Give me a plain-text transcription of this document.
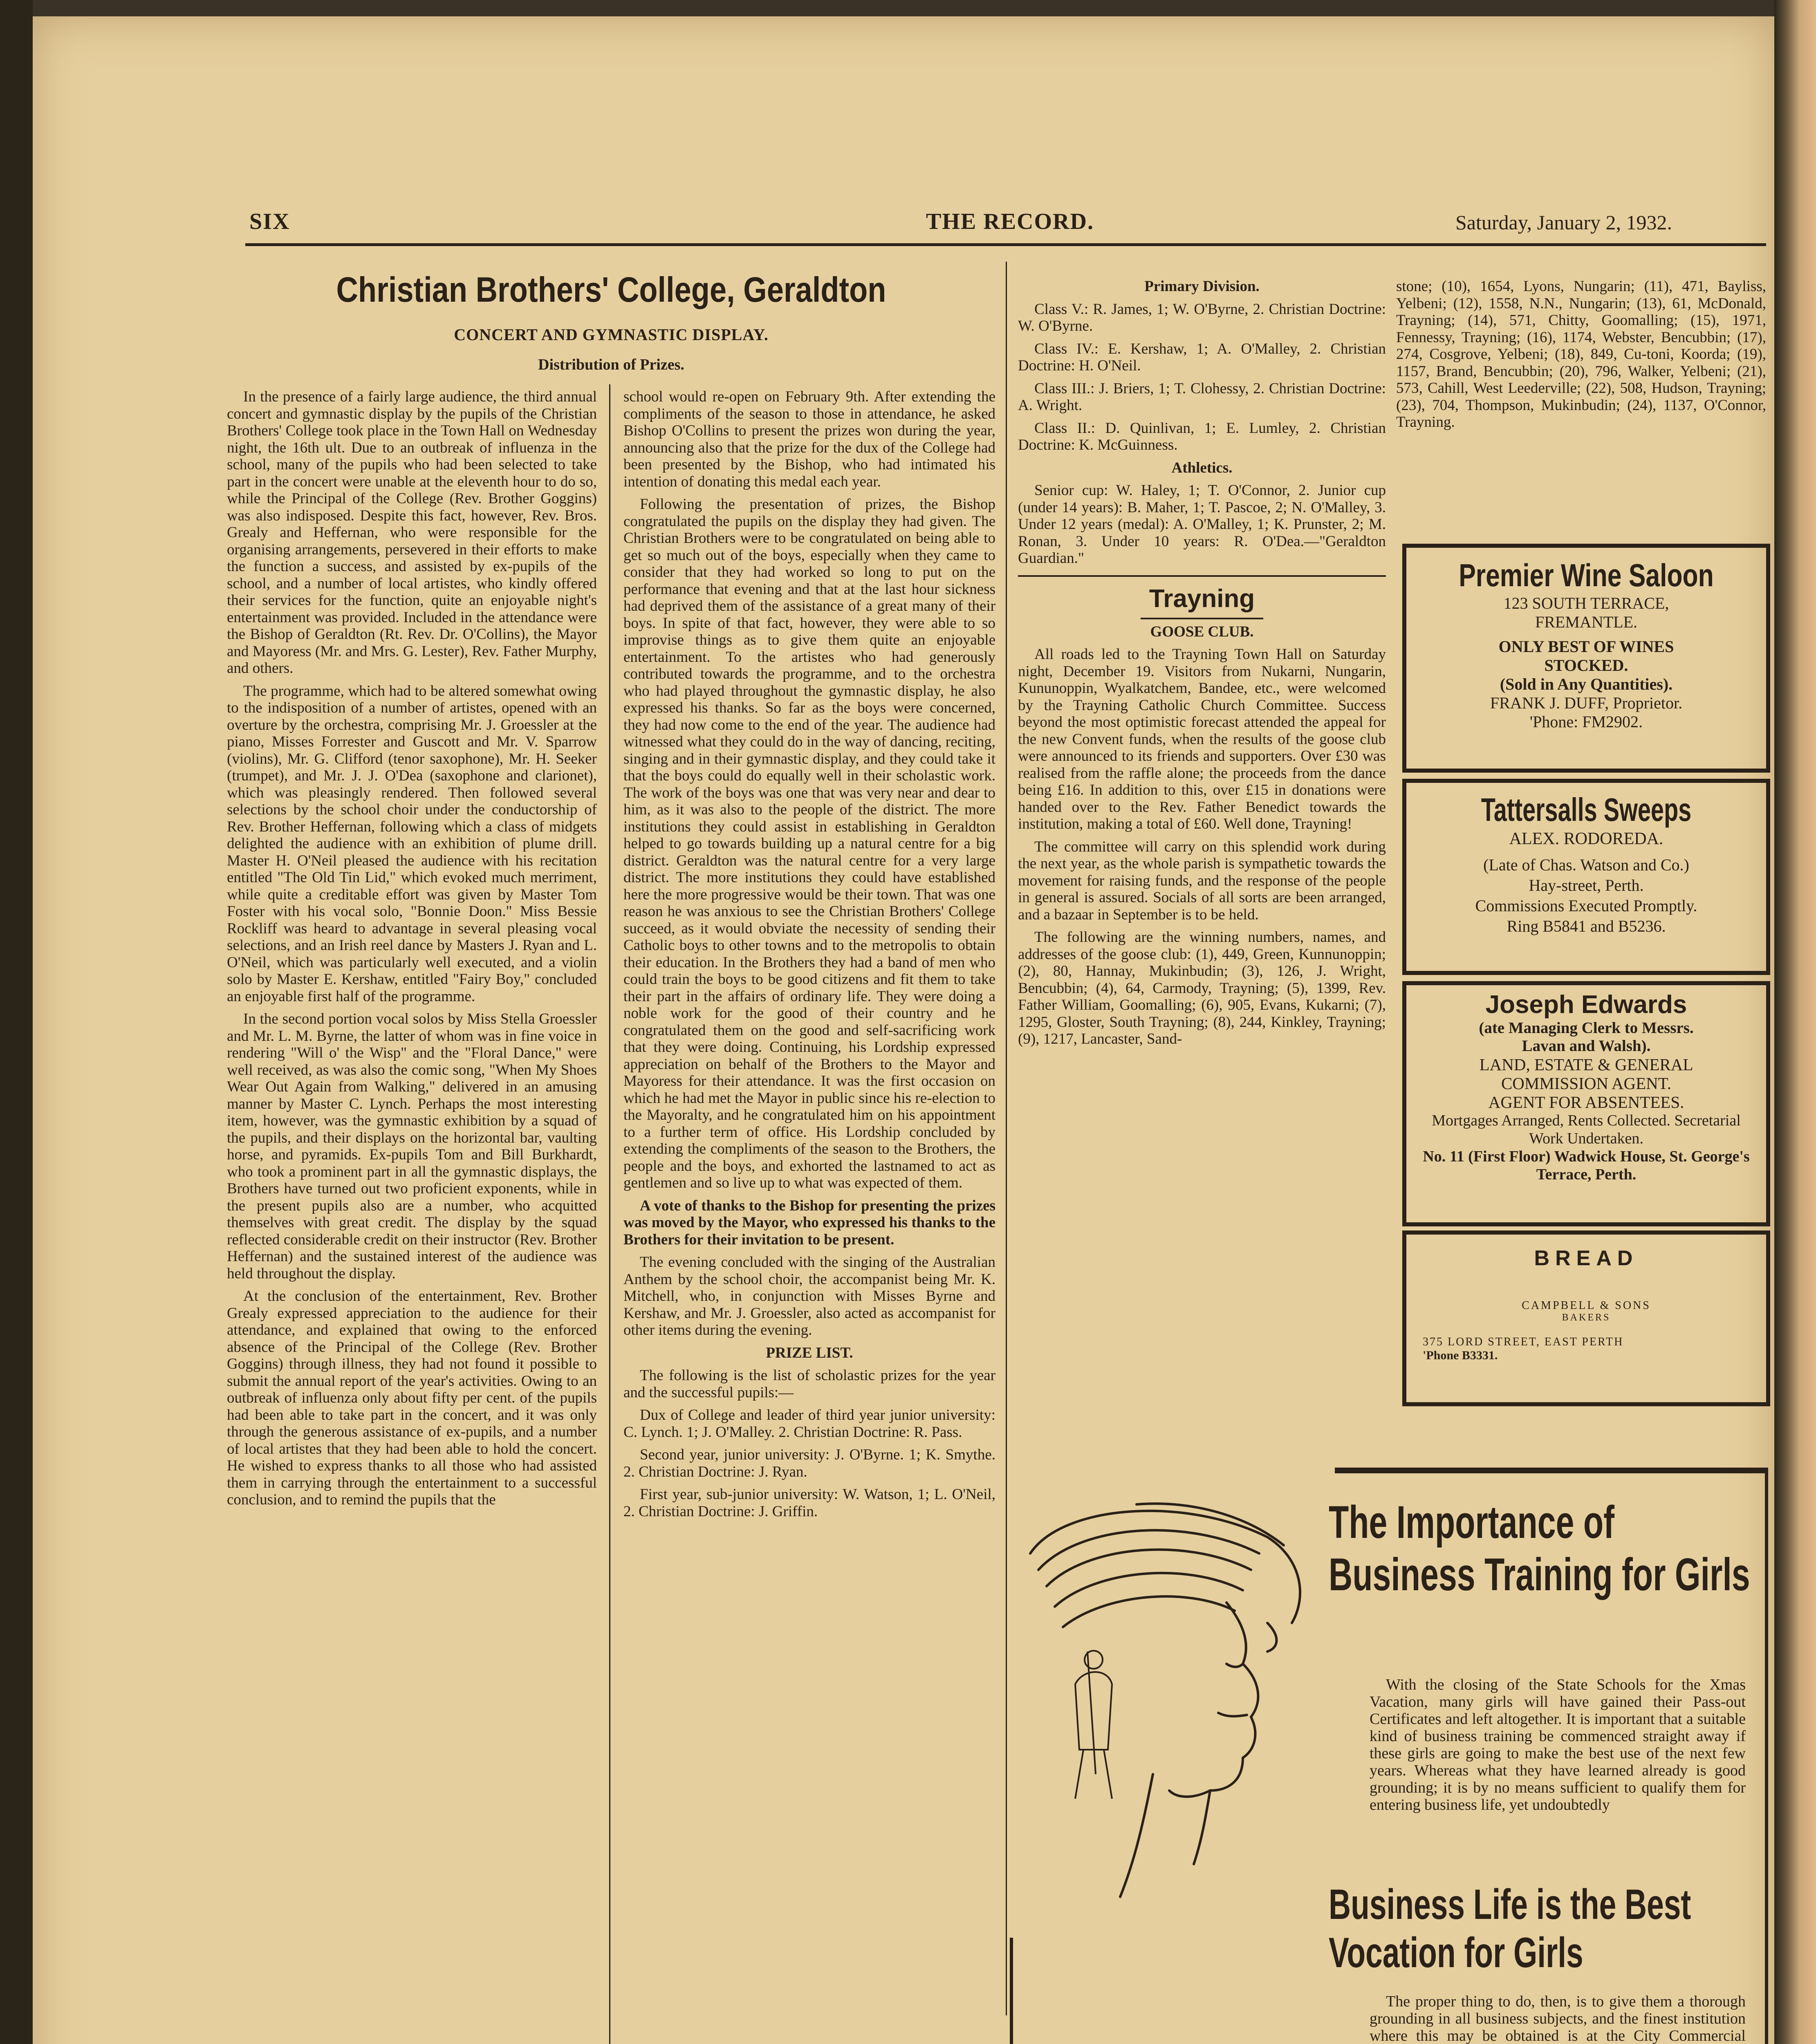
SIX	THE RECORD.	Saturday, January 2, 1932.
Christian Brothers' College, Geraldton
CONCERT AND GYMNASTIC DISPLAY.
Distribution of Prizes.

In the presence of a fairly large audience, the third annual concert and gymnastic display by the pupils of the Christian Brothers' College took place in the Town Hall on Wednesday night, the 16th ult. Due to an outbreak of influenza in the school, many of the pupils who had been selected to take part in the concert were unable at the eleventh hour to do so, while the Principal of the College (Rev. Brother Goggins) was also indisposed. Despite this fact, however, Rev. Bros. Grealy and Heffernan, who were responsible for the organising arrangements, persevered in their efforts to make the function a success, and assisted by ex-pupils of the school, and a number of local artistes, who kindly offered their services for the function, quite an enjoyable night's entertainment was provided. Included in the attendance were the Bishop of Geraldton (Rt. Rev. Dr. O'Collins), the Mayor and Mayoress (Mr. and Mrs. G. Lester), Rev. Father Murphy, and others.

The programme, which had to be altered somewhat owing to the indisposition of a number of artistes, opened with an overture by the orchestra, comprising Mr. J. Groessler at the piano, Misses Forrester and Guscott and Mr. V. Sparrow (violins), Mr. G. Clifford (tenor saxophone), Mr. H. Seeker (trumpet), and Mr. J. J. O'Dea (saxophone and clarionet), which was pleasingly rendered. Then followed several selections by the school choir under the conductorship of Rev. Brother Heffernan, following which a class of midgets delighted the audience with an exhibition of plume drill. Master H. O'Neil pleased the audience with his recitation entitled "The Old Tin Lid," which evoked much merriment, while quite a creditable effort was given by Master Tom Foster with his vocal solo, "Bonnie Doon." Miss Bessie Rockliff was heard to advantage in several pleasing vocal selections, and an Irish reel dance by Masters J. Ryan and L. O'Neil, which was particularly well executed, and a violin solo by Master E. Kershaw, entitled "Fairy Boy," concluded an enjoyable first half of the programme.

In the second portion vocal solos by Miss Stella Groessler and Mr. L. M. Byrne, the latter of whom was in fine voice in rendering "Will o' the Wisp" and the "Floral Dance," were well received, as was also the comic song, "When My Shoes Wear Out Again from Walking," delivered in an amusing manner by Master C. Lynch. Perhaps the most interesting item, however, was the gymnastic exhibition by a squad of the pupils, and their displays on the horizontal bar, vaulting horse, and pyramids. Ex-pupils Tom and Bill Burkhardt, who took a prominent part in all the gymnastic displays, the Brothers have turned out two proficient exponents, while in the present pupils also are a number, who acquitted themselves with great credit. The display by the squad reflected considerable credit on their instructor (Rev. Brother Heffernan) and the sustained interest of the audience was held throughout the display.

At the conclusion of the entertainment, Rev. Brother Grealy expressed appreciation to the audience for their attendance, and explained that owing to the enforced absence of the Principal of the College (Rev. Brother Goggins) through illness, they had not found it possible to submit the annual report of the year's activities. Owing to an outbreak of influenza only about fifty per cent. of the pupils had been able to take part in the concert, and it was only through the generous assistance of ex-pupils, and a number of local artistes that they had been able to hold the concert. He wished to express thanks to all those who had assisted them in carrying through the entertainment to a successful conclusion, and to remind the pupils that the

school would re-open on February 9th. After extending the compliments of the season to those in attendance, he asked Bishop O'Collins to present the prizes won during the year, announcing also that the prize for the dux of the College had been presented by the Bishop, who had intimated his intention of donating this medal each year.

Following the presentation of prizes, the Bishop congratulated the pupils on the display they had given. The Christian Brothers were to be congratulated on being able to get so much out of the boys, especially when they came to consider that they had worked so long to put on the performance that evening and that at the last hour sickness had deprived them of the assistance of a great many of their boys. In spite of that fact, however, they were able to so improvise things as to give them quite an enjoyable entertainment. To the artistes who had generously contributed towards the programme, and to the orchestra who had played throughout the gymnastic display, he also expressed his thanks. So far as the boys were concerned, they had now come to the end of the year. The audience had witnessed what they could do in the way of dancing, reciting, singing and in their gymnastic display, and they could take it that the boys could do equally well in their scholastic work. The work of the boys was one that was very near and dear to him, as it was also to the people of the district. The more institutions they could assist in establishing in Geraldton helped to go towards building up a natural centre for a big district. Geraldton was the natural centre for a very large district. The more institutions they could have established here the more progressive would be their town. That was one reason he was anxious to see the Christian Brothers' College succeed, as it would obviate the necessity of sending their Catholic boys to other towns and to the metropolis to obtain their education. In the Brothers they had a band of men who could train the boys to be good citizens and fit them to take their part in the affairs of ordinary life. They were doing a noble work for the good of their country and he congratulated them on the good and self-sacrificing work that they were doing. Continuing, his Lordship expressed appreciation on behalf of the Brothers to the Mayor and Mayoress for their attendance. It was the first occasion on which he had met the Mayor in public since his re-election to the Mayoralty, and he congratulated him on his appointment to a further term of office. His Lordship concluded by extending the compliments of the season to the Brothers, the people and the boys, and exhorted the lastnamed to act as gentlemen and so live up to what was expected of them.

A vote of thanks to the Bishop for presenting the prizes was moved by the Mayor, who expressed his thanks to the Brothers for their invitation to be present.

The evening concluded with the singing of the Australian Anthem by the school choir, the accompanist being Mr. K. Mitchell, who, in conjunction with Misses Byrne and Kershaw, and Mr. J. Groessler, also acted as accompanist for other items during the evening.

PRIZE LIST.

The following is the list of scholastic prizes for the year and the successful pupils:—

Dux of College and leader of third year junior university: C. Lynch. 1; J. O'Malley. 2. Christian Doctrine: R. Pass.

Second year, junior university: J. O'Byrne. 1; K. Smythe. 2. Christian Doctrine: J. Ryan.

First year, sub-junior university: W. Watson, 1; L. O'Neil, 2. Christian Doctrine: J. Griffin.

Primary Division.

Class V.: R. James, 1; W. O'Byrne, 2. Christian Doctrine: W. O'Byrne.

Class IV.: E. Kershaw, 1; A. O'Malley, 2. Christian Doctrine: H. O'Neil.

Class III.: J. Briers, 1; T. Clohessy, 2. Christian Doctrine: A. Wright.

Class II.: D. Quinlivan, 1; E. Lumley, 2. Christian Doctrine: K. McGuinness.

Athletics.

Senior cup: W. Haley, 1; T. O'Connor, 2. Junior cup (under 14 years): B. Maher, 1; T. Pascoe, 2; N. O'Malley, 3. Under 12 years (medal): A. O'Malley, 1; K. Prunster, 2; M. Ronan, 3. Under 10 years: R. O'Dea.—"Geraldton Guardian."

Trayning

GOOSE CLUB.

All roads led to the Trayning Town Hall on Saturday night, December 19. Visitors from Nukarni, Nungarin, Kununoppin, Wyalkatchem, Bandee, etc., were welcomed by the Trayning Catholic Church Committee. Success beyond the most optimistic forecast attended the appeal for the new Convent funds, when the results of the goose club were announced to its friends and supporters. Over £30 was realised from the raffle alone; the proceeds from the dance being £16. In addition to this, over £15 in donations were handed over to the Rev. Father Benedict towards the institution, making a total of £60. Well done, Trayning!

The committee will carry on this splendid work during the next year, as the whole parish is sympathetic towards the movement for raising funds, and the response of the people in general is assured. Socials of all sorts are been arranged, and a bazaar in September is to be held.

The following are the winning numbers, names, and addresses of the goose club: (1), 449, Green, Kunnunoppin; (2), 80, Hannay, Mukinbudin; (3), 126, J. Wright, Bencubbin; (4), 64, Carmody, Trayning; (5), 1399, Rev. Father William, Goomalling; (6), 905, Evans, Kukarni; (7), 1295, Gloster, South Trayning; (8), 244, Kinkley, Trayning; (9), 1217, Lancaster, Sand-

stone; (10), 1654, Lyons, Nungarin; (11), 471, Bayliss, Yelbeni; (12), 1558, N.N., Nungarin; (13), 61, McDonald, Trayning; (14), 571, Chitty, Goomalling; (15), 1971, Fennessy, Trayning; (16), 1174, Webster, Bencubbin; (17), 274, Cosgrove, Yelbeni; (18), 849, Cu-toni, Koorda; (19), 1157, Brand, Bencubbin; (20), 796, Walker, Yelbeni; (21), 573, Cahill, West Leederville; (22), 508, Hudson, Trayning; (23), 704, Thompson, Mukinbudin; (24), 1137, O'Connor, Trayning.

Premier Wine Saloon
123 SOUTH TERRACE,
FREMANTLE.
ONLY BEST OF WINES
STOCKED.
(Sold in Any Quantities).
FRANK J. DUFF, Proprietor.
'Phone: FM2902.
Tattersalls Sweeps
ALEX. RODOREDA.
(Late of Chas. Watson and Co.)
Hay-street, Perth.
Commissions Executed Promptly.
Ring B5841 and B5236.
Joseph Edwards
(ate Managing Clerk to Messrs.
Lavan and Walsh).
LAND, ESTATE & GENERAL
COMMISSION AGENT.
AGENT FOR ABSENTEES.
Mortgages Arranged, Rents Collected. Secretarial Work Undertaken.
No. 11 (First Floor) Wadwick House, St. George's Terrace, Perth.
BREAD
CAMPBELL & SONS
BAKERS
375 LORD STREET, EAST PERTH
'Phone B3331.
The Importance of Business Training for Girls
With the closing of the State Schools for the Xmas Vacation, many girls will have gained their Pass-out Certificates and left altogether. It is important that a suitable kind of business training be commenced straight away if these girls are going to make the best use of the next few years. Whereas what they have learned already is good grounding; it is by no means sufficient to qualify them for entering business life, yet undoubtedly
Business Life is the Best Vocation for Girls
The proper thing to do, then, is to give them a thorough grounding in all business subjects, and the finest institution where this may be obtained is at the City Commercial
